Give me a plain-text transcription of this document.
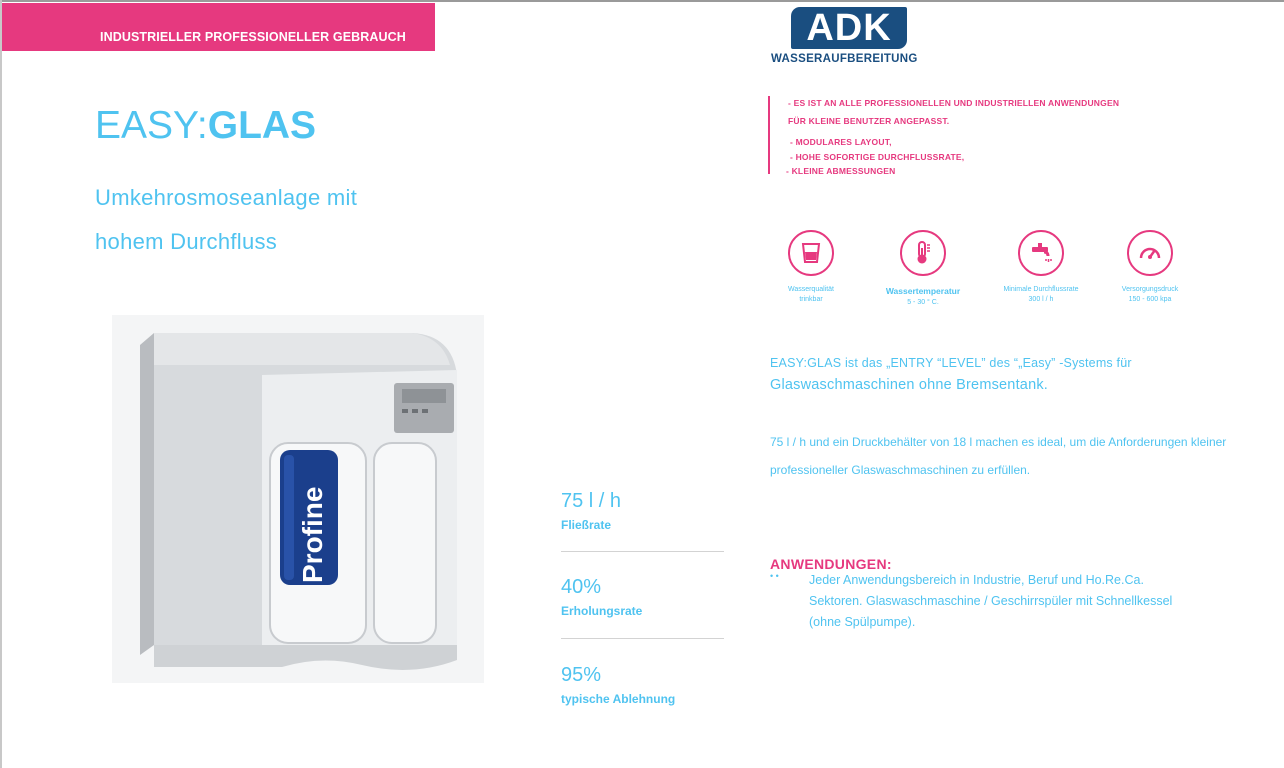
INDUSTRIELLER PROFESSIONELLER GEBRAUCH
EASY:GLAS
Umkehrosmoseanlage mit
hohem Durchfluss
Profine	75 l / h
Fließrate
40%
Erholungsrate
95%
typische Ablehnung
ADK
WASSERAUFBEREITUNG
- ES IST AN ALLE PROFESSIONELLEN UND INDUSTRIELLEN ANWENDUNGEN
FÜR KLEINE BENUTZER ANGEPASST.
- MODULARES LAYOUT,
- HOHE SOFORTIGE DURCHFLUSSRATE,
- KLEINE ABMESSUNGEN
Wasserqualität
trinkbar
Wassertemperatur
5 - 30 ° C.
Minimale Durchflussrate
300 l / h
Versorgungsdruck
150 - 600 kpa
EASY:GLAS ist das „ENTRY “LEVEL” des “„Easy” -Systems für
Glaswaschmaschinen ohne Bremsentank.
75 l / h und ein Druckbehälter von 18 l machen es ideal, um die Anforderungen kleiner professioneller Glaswaschmaschinen zu erfüllen.
ANWENDUNGEN:
• • Jeder Anwendungsbereich in Industrie, Beruf und Ho.Re.Ca. Sektoren. Glaswaschmaschine / Geschirrspüler mit Schnellkessel (ohne Spülpumpe).
